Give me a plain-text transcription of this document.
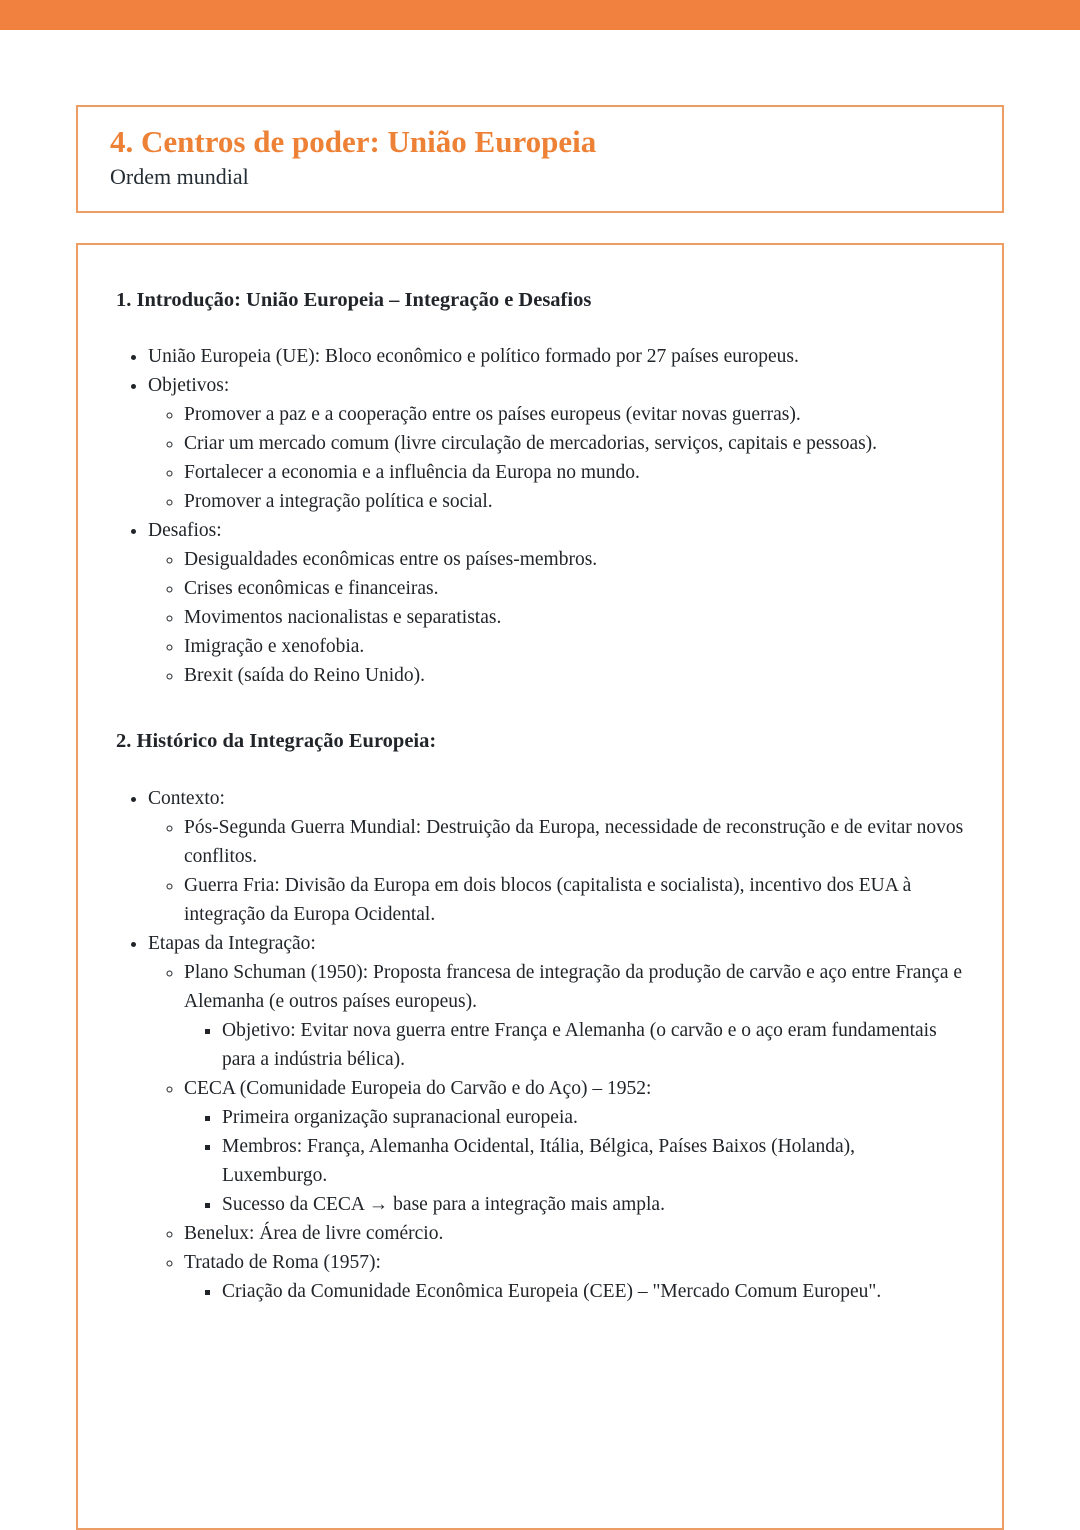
4. Centros de poder: União Europeia

Ordem mundial

1. Introdução: União Europeia – Integração e Desafios
• União Europeia (UE): Bloco econômico e político formado por 27 países europeus.
• Objetivos:
◦ Promover a paz e a cooperação entre os países europeus (evitar novas guerras).
◦ Criar um mercado comum (livre circulação de mercadorias, serviços, capitais e pessoas).
◦ Fortalecer a economia e a influência da Europa no mundo.
◦ Promover a integração política e social.
• Desafios:
◦ Desigualdades econômicas entre os países-membros.
◦ Crises econômicas e financeiras.
◦ Movimentos nacionalistas e separatistas.
◦ Imigração e xenofobia.
◦ Brexit (saída do Reino Unido).
2. Histórico da Integração Europeia:
• Contexto:
◦ Pós-Segunda Guerra Mundial: Destruição da Europa, necessidade de reconstrução e de evitar novos conflitos.
◦ Guerra Fria: Divisão da Europa em dois blocos (capitalista e socialista), incentivo dos EUA à integração da Europa Ocidental.
• Etapas da Integração:
◦ Plano Schuman (1950): Proposta francesa de integração da produção de carvão e aço entre França e Alemanha (e outros países europeus).
▪ Objetivo: Evitar nova guerra entre França e Alemanha (o carvão e o aço eram fundamentais para a indústria bélica).
◦ CECA (Comunidade Europeia do Carvão e do Aço) – 1952:
▪ Primeira organização supranacional europeia.
▪ Membros: França, Alemanha Ocidental, Itália, Bélgica, Países Baixos (Holanda), Luxemburgo.
▪ Sucesso da CECA → base para a integração mais ampla.
◦ Benelux: Área de livre comércio.
◦ Tratado de Roma (1957):
▪ Criação da Comunidade Econômica Europeia (CEE) – "Mercado Comum Europeu".
